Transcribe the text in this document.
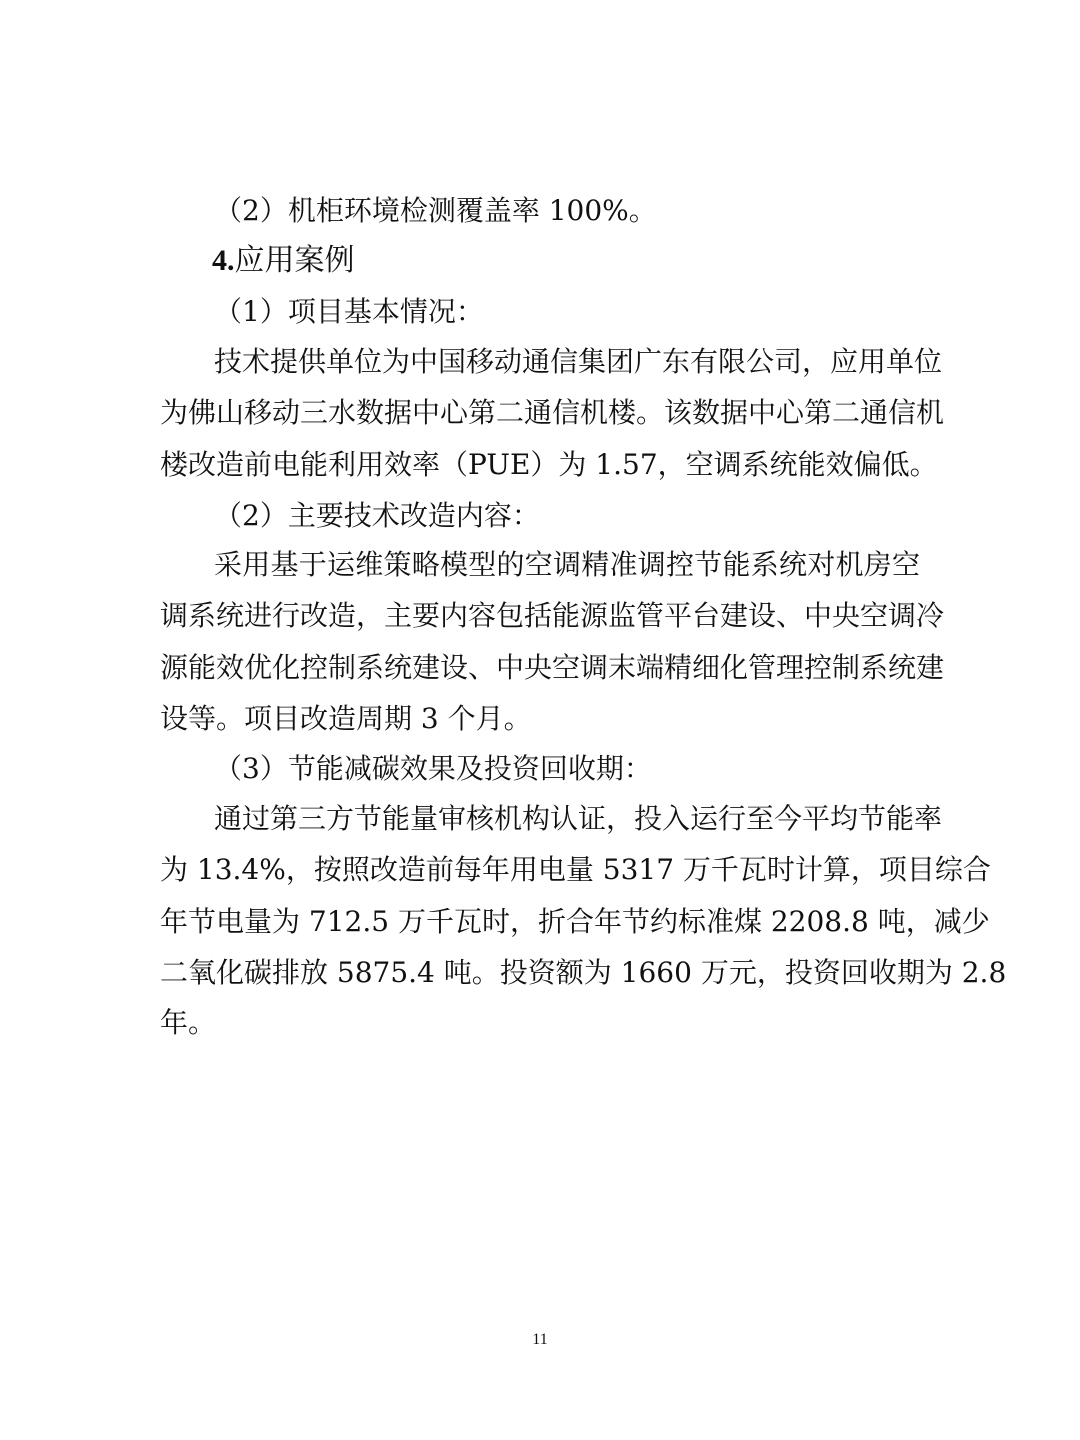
（2）机柜环境检测覆盖率 100%。
4.应用案例
（1）项目基本情况：
技术提供单位为中国移动通信集团广东有限公司，应用单位
为佛山移动三水数据中心第二通信机楼。该数据中心第二通信机
楼改造前电能利用效率（PUE）为 1.57，空调系统能效偏低。
（2）主要技术改造内容：
采用基于运维策略模型的空调精准调控节能系统对机房空
调系统进行改造，主要内容包括能源监管平台建设、中央空调冷
源能效优化控制系统建设、中央空调末端精细化管理控制系统建
设等。项目改造周期 3 个月。
（3）节能减碳效果及投资回收期：
通过第三方节能量审核机构认证，投入运行至今平均节能率
为 13.4%，按照改造前每年用电量 5317 万千瓦时计算，项目综合
年节电量为 712.5 万千瓦时，折合年节约标准煤 2208.8 吨，减少
二氧化碳排放 5875.4 吨。投资额为 1660 万元，投资回收期为 2.8
年。
11
